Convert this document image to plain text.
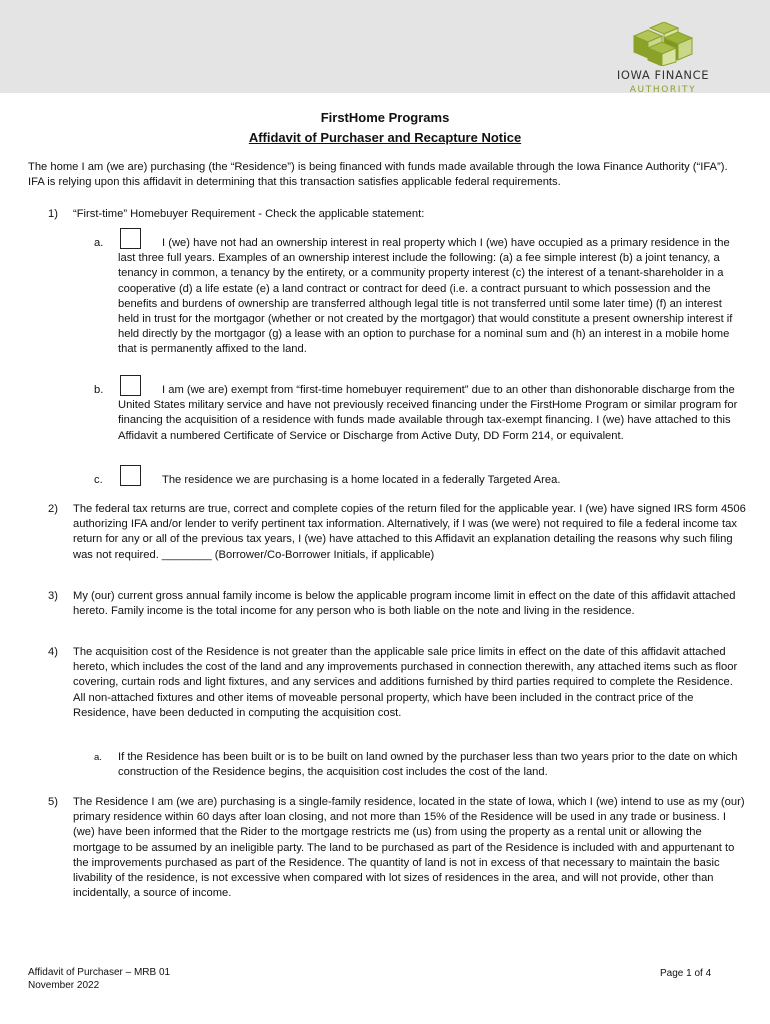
IOWA FINANCE
AUTHORITY
FirstHome Programs
Affidavit of Purchaser and Recapture Notice
The home I am (we are) purchasing (the “Residence”) is being financed with funds made available through the Iowa Finance Authority (“IFA”). IFA is relying upon this affidavit in determining that this transaction satisfies applicable federal requirements.
1) “First-time” Homebuyer Requirement - Check the applicable statement:
a.	I (we) have not had an ownership interest in real property which I (we) have occupied as a primary residence in the last three full years. Examples of an ownership interest include the following: (a) a fee simple interest (b) a joint tenancy, a tenancy in common, a tenancy by the entirety, or a community property interest (c) the interest of a tenant-shareholder in a cooperative (d) a life estate (e) a land contract or contract for deed (i.e. a contract pursuant to which possession and the benefits and burdens of ownership are transferred although legal title is not transferred until some later time) (f) an interest held in trust for the mortgagor (whether or not created by the mortgagor) that would constitute a present ownership interest if held directly by the mortgagor (g) a lease with an option to purchase for a nominal sum and (h) an interest in a mobile home that is permanently affixed to the land.
b.	I am (we are) exempt from “first-time homebuyer requirement” due to an other than dishonorable discharge from the United States military service and have not previously received financing under the FirstHome Program or similar program for financing the acquisition of a residence with funds made available through tax-exempt financing. I (we) have attached to this Affidavit a numbered Certificate of Service or Discharge from Active Duty, DD Form 214, or equivalent.
c.	The residence we are purchasing is a home located in a federally Targeted Area.
2) The federal tax returns are true, correct and complete copies of the return filed for the applicable year. I (we) have signed IRS form 4506 authorizing IFA and/or lender to verify pertinent tax information. Alternatively, if I was (we were) not required to file a federal income tax return for any or all of the previous tax years, I (we) have attached to this Affidavit an explanation detailing the reasons why such filing was not required. ________ (Borrower/Co-Borrower Initials, if applicable)
3) My (our) current gross annual family income is below the applicable program income limit in effect on the date of this affidavit attached hereto. Family income is the total income for any person who is both liable on the note and living in the residence.
4) The acquisition cost of the Residence is not greater than the applicable sale price limits in effect on the date of this affidavit attached hereto, which includes the cost of the land and any improvements purchased in connection therewith, any attached items such as floor covering, curtain rods and light fixtures, and any services and additions furnished by third parties required to complete the Residence. All non-attached fixtures and other items of moveable personal property, which have been included in the contract price of the Residence, have been deducted in computing the acquisition cost.
a. If the Residence has been built or is to be built on land owned by the purchaser less than two years prior to the date on which construction of the Residence begins, the acquisition cost includes the cost of the land.
5) The Residence I am (we are) purchasing is a single-family residence, located in the state of Iowa, which I (we) intend to use as my (our) primary residence within 60 days after loan closing, and not more than 15% of the Residence will be used in any trade or business. I (we) have been informed that the Rider to the mortgage restricts me (us) from using the property as a rental unit or allowing the mortgage to be assumed by an ineligible party. The land to be purchased as part of the Residence is included with and appurtenant to the improvements purchased as part of the Residence. The quantity of land is not in excess of that necessary to maintain the basic livability of the residence, is not excessive when compared with lot sizes of residences in the area, and will not provide, other than incidentally, a source of income.
Affidavit of Purchaser – MRB 01
November 2022
Page 1 of 4
